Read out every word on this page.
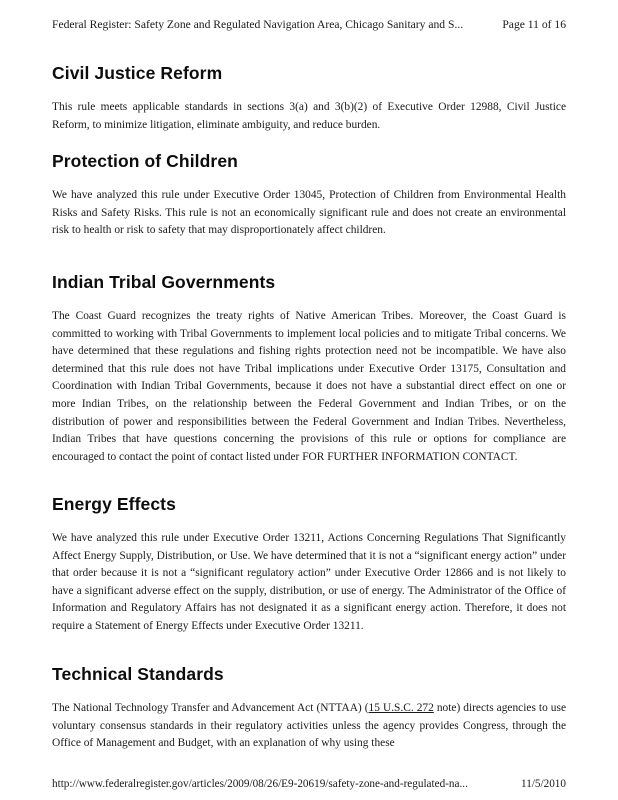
Federal Register: Safety Zone and Regulated Navigation Area, Chicago Sanitary and S...	Page 11 of 16
Civil Justice Reform

This rule meets applicable standards in sections 3(a) and 3(b)(2) of Executive Order 12988, Civil Justice Reform, to minimize litigation, eliminate ambiguity, and reduce burden.

Protection of Children

We have analyzed this rule under Executive Order 13045, Protection of Children from Environmental Health Risks and Safety Risks. This rule is not an economically significant rule and does not create an environmental risk to health or risk to safety that may disproportionately affect children.

Indian Tribal Governments

The Coast Guard recognizes the treaty rights of Native American Tribes. Moreover, the Coast Guard is committed to working with Tribal Governments to implement local policies and to mitigate Tribal concerns. We have determined that these regulations and fishing rights protection need not be incompatible. We have also determined that this rule does not have Tribal implications under Executive Order 13175, Consultation and Coordination with Indian Tribal Governments, because it does not have a substantial direct effect on one or more Indian Tribes, on the relationship between the Federal Government and Indian Tribes, or on the distribution of power and responsibilities between the Federal Government and Indian Tribes. Nevertheless, Indian Tribes that have questions concerning the provisions of this rule or options for compliance are encouraged to contact the point of contact listed under FOR FURTHER INFORMATION CONTACT.

Energy Effects

We have analyzed this rule under Executive Order 13211, Actions Concerning Regulations That Significantly Affect Energy Supply, Distribution, or Use. We have determined that it is not a “significant energy action” under that order because it is not a “significant regulatory action” under Executive Order 12866 and is not likely to have a significant adverse effect on the supply, distribution, or use of energy. The Administrator of the Office of Information and Regulatory Affairs has not designated it as a significant energy action. Therefore, it does not require a Statement of Energy Effects under Executive Order 13211.

Technical Standards

The National Technology Transfer and Advancement Act (NTTAA) (15 U.S.C. 272 note) directs agencies to use voluntary consensus standards in their regulatory activities unless the agency provides Congress, through the Office of Management and Budget, with an explanation of why using these

http://www.federalregister.gov/articles/2009/08/26/E9-20619/safety-zone-and-regulated-na...	11/5/2010
